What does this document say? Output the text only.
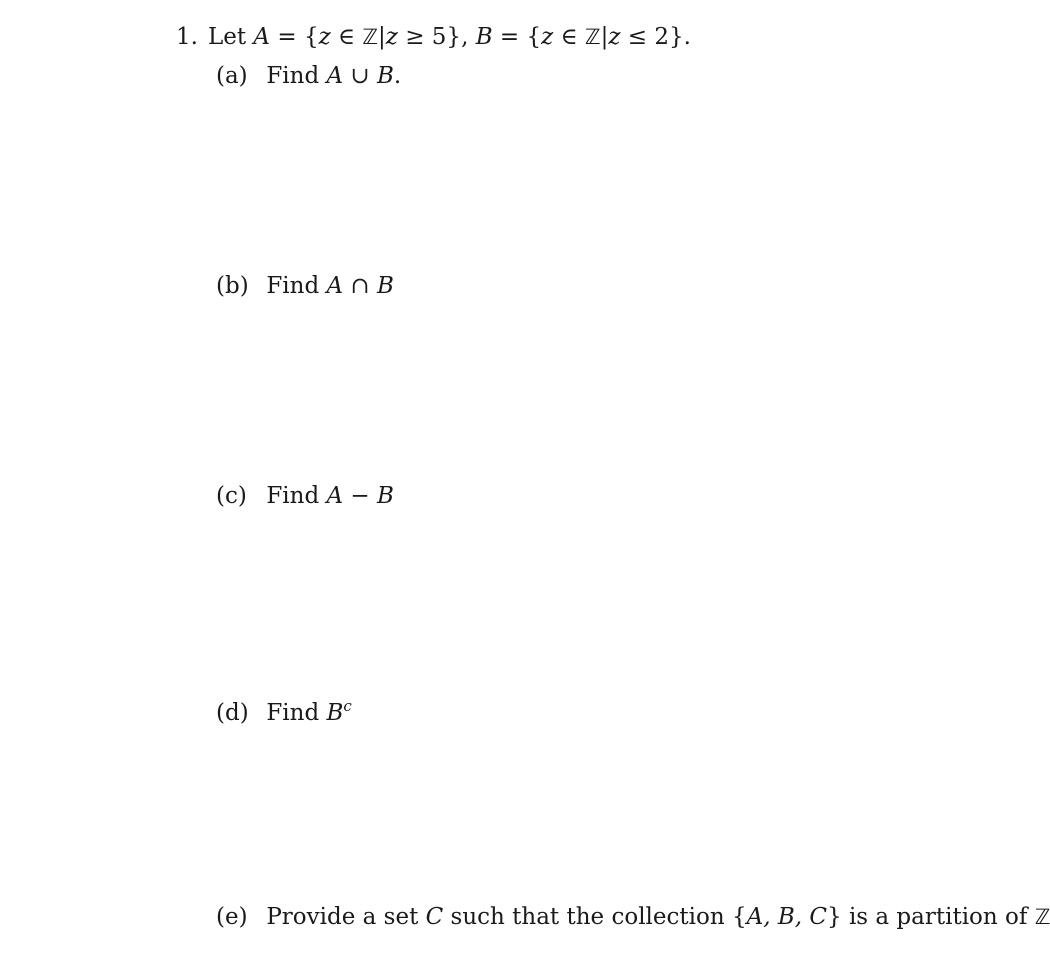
1. Let A = {z ∈ ℤ|z ≥ 5}, B = {z ∈ ℤ|z ≤ 2}.
(a) Find A ∪ B.
(b) Find A ∩ B
(c) Find A − B
(d) Find $B^c$
(e) Provide a set C such that the collection {A, B, C} is a partition of ℤ
